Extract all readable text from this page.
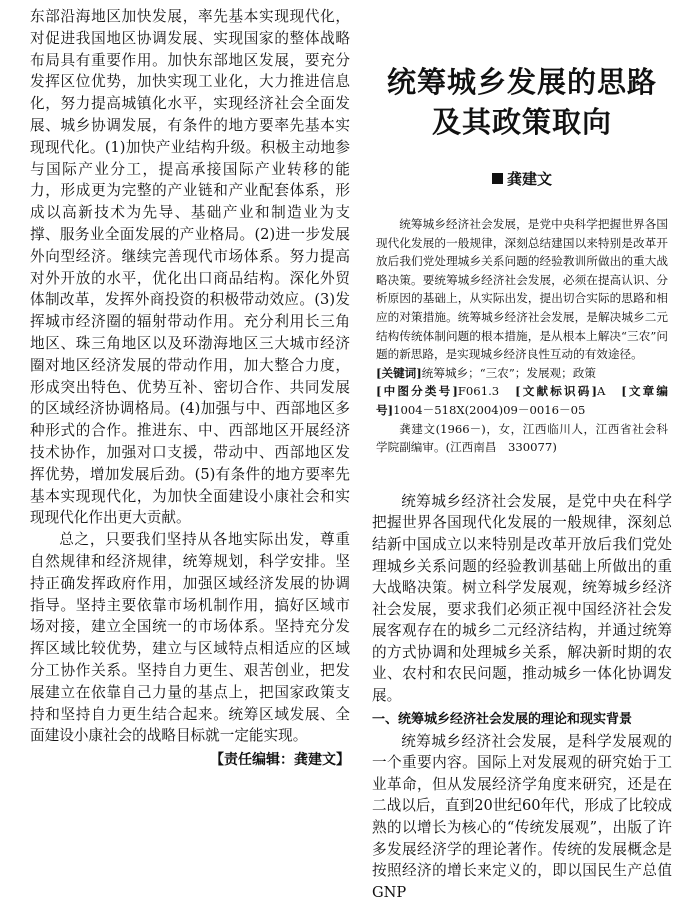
东部沿海地区加快发展，率先基本实现现代化，对促进我国地区协调发展、实现国家的整体战略布局具有重要作用。加快东部地区发展，要充分发挥区位优势，加快实现工业化，大力推进信息化，努力提高城镇化水平，实现经济社会全面发展、城乡协调发展，有条件的地方要率先基本实现现代化。(1)加快产业结构升级。积极主动地参与国际产业分工，提高承接国际产业转移的能力，形成更为完整的产业链和产业配套体系，形成以高新技术为先导、基础产业和制造业为支撑、服务业全面发展的产业格局。(2)进一步发展外向型经济。继续完善现代市场体系。努力提高对外开放的水平，优化出口商品结构。深化外贸体制改革，发挥外商投资的积极带动效应。(3)发挥城市经济圈的辐射带动作用。充分利用长三角地区、珠三角地区以及环渤海地区三大城市经济圈对地区经济发展的带动作用，加大整合力度，形成突出特色、优势互补、密切合作、共同发展的区域经济协调格局。(4)加强与中、西部地区多种形式的合作。推进东、中、西部地区开展经济技术协作，加强对口支援，带动中、西部地区发挥优势，增加发展后劲。(5)有条件的地方要率先基本实现现代化，为加快全面建设小康社会和实现现代化作出更大贡献。

总之，只要我们坚持从各地实际出发，尊重自然规律和经济规律，统筹规划，科学安排。坚持正确发挥政府作用，加强区域经济发展的协调指导。坚持主要依靠市场机制作用，搞好区域市场对接，建立全国统一的市场体系。坚持充分发挥区域比较优势，建立与区域特点相适应的区域分工协作关系。坚持自力更生、艰苦创业，把发展建立在依靠自己力量的基点上，把国家政策支持和坚持自力更生结合起来。统筹区域发展、全面建设小康社会的战略目标就一定能实现。

【责任编辑：龚建文】

统筹城乡发展的思路
及其政策取向
龚建文

统筹城乡经济社会发展，是党中央科学把握世界各国现代化发展的一般规律，深刻总结建国以来特别是改革开放后我们党处理城乡关系问题的经验教训所做出的重大战略决策。要统筹城乡经济社会发展，必须在提高认识、分析原因的基础上，从实际出发，提出切合实际的思路和相应的对策措施。统筹城乡经济社会发展，是解决城乡二元结构传统体制问题的根本措施，是从根本上解决“三农”问题的新思路，是实现城乡经济良性互动的有效途径。

[关键词]统筹城乡；“三农”；发展观；政策

[中图分类号]F061.3　 [文献标识码]A　 [文章编号]1004－518X(2004)09－0016－05

龚建文(1966－)，女，江西临川人，江西省社会科学院副编审。(江西南昌　330077)

统筹城乡经济社会发展，是党中央在科学把握世界各国现代化发展的一般规律，深刻总结新中国成立以来特别是改革开放后我们党处理城乡关系问题的经验教训基础上所做出的重大战略决策。树立科学发展观，统筹城乡经济社会发展，要求我们必须正视中国经济社会发展客观存在的城乡二元经济结构，并通过统筹的方式协调和处理城乡关系，解决新时期的农业、农村和农民问题，推动城乡一体化协调发展。

一、统筹城乡经济社会发展的理论和现实背景

统筹城乡经济社会发展，是科学发展观的一个重要内容。国际上对发展观的研究始于工业革命，但从发展经济学角度来研究，还是在二战以后，直到20世纪60年代，形成了比较成熟的以增长为核心的“传统发展观”，出版了许多发展经济学的理论著作。传统的发展概念是按照经济的增长来定义的，即以国民生产总值GNP
